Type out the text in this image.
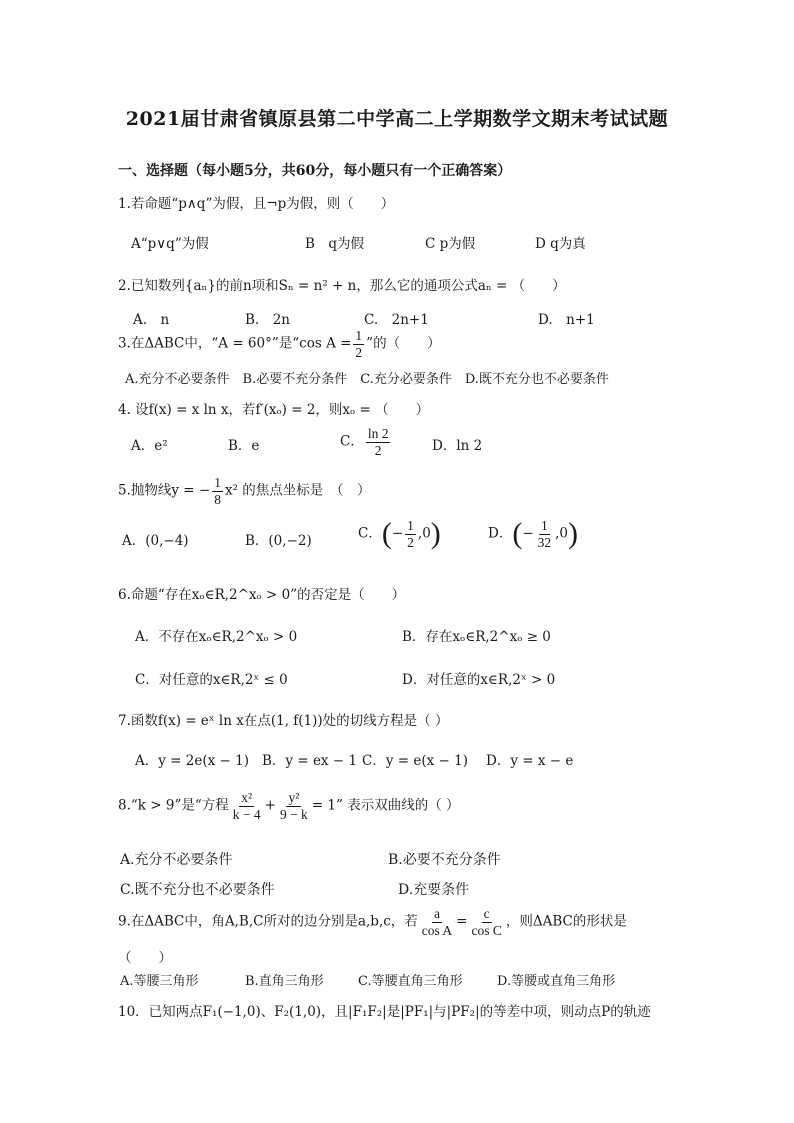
2021届甘肃省镇原县第二中学高二上学期数学文期末考试试题
一、选择题（每小题5分，共60分，每小题只有一个正确答案）
1.若命题“p∧q”为假，且¬p为假，则（　　）
A“p∨q”为假	B　q为假	C p为假	D q为真
2.已知数列{aₙ}的前n项和Sₙ = n² + n，那么它的通项公式aₙ = （　　）
A.　n	B.　2n	C.　2n+1	D.　n+1
3.在ΔABC中，“A = 60°”是“cos $A = \frac{1}{2}$ ”的（　　）
A.充分不必要条件　B.必要不充分条件　C.充分必要条件　D.既不充分也不必要条件
4. 设f(x) = x ln x，若f′(xₒ) = 2，则xₒ = （　　）
A．e²	B．e	C． $\frac{\ln 2}{2}$	D．ln 2
5.抛物线y = − $\frac{1}{8} x^2$ 的焦点坐标是　（　）
A．(0,−4)	B．(0,−2)	C．(− $\frac{1}{2} ,0$)	D．(− $\frac{1}{32} ,0$)
6.命题“存在xₒ∈R,2^xₒ > 0”的否定是（　　）
A．不存在xₒ∈R,2^xₒ > 0	B．存在xₒ∈R,2^xₒ ≥ 0
C．对任意的x∈R,2ˣ ≤ 0	D．对任意的x∈R,2ˣ > 0
7.函数f(x) = eˣ ln x在点(1, f(1))处的切线方程是（ ）
A．y = 2e(x − 1) B．y = ex − 1 C．y = e(x − 1) D．y = x − e
8.“k > 9”是“方程 $\frac{\text{x²}}{k - 4} + \frac{\text{y²}}{9 - k} = 1$” 表示双曲线的（ ）
A.充分不必要条件	B.必要不充分条件
C.既不充分也不必要条件	D.充要条件
9.在ΔABC中，角A,B,C所对的边分别是a,b,c，若 $\frac{a}{\text{cos A}} = \frac{c}{\text{cos C}}$ ，则ΔABC的形状是
（　　）
A.等腰三角形	B.直角三角形	C.等腰直角三角形	D.等腰或直角三角形
10．已知两点F₁(−1,0)、F₂(1,0)，且|F₁F₂|是|PF₁|与|PF₂|的等差中项，则动点P的轨迹
